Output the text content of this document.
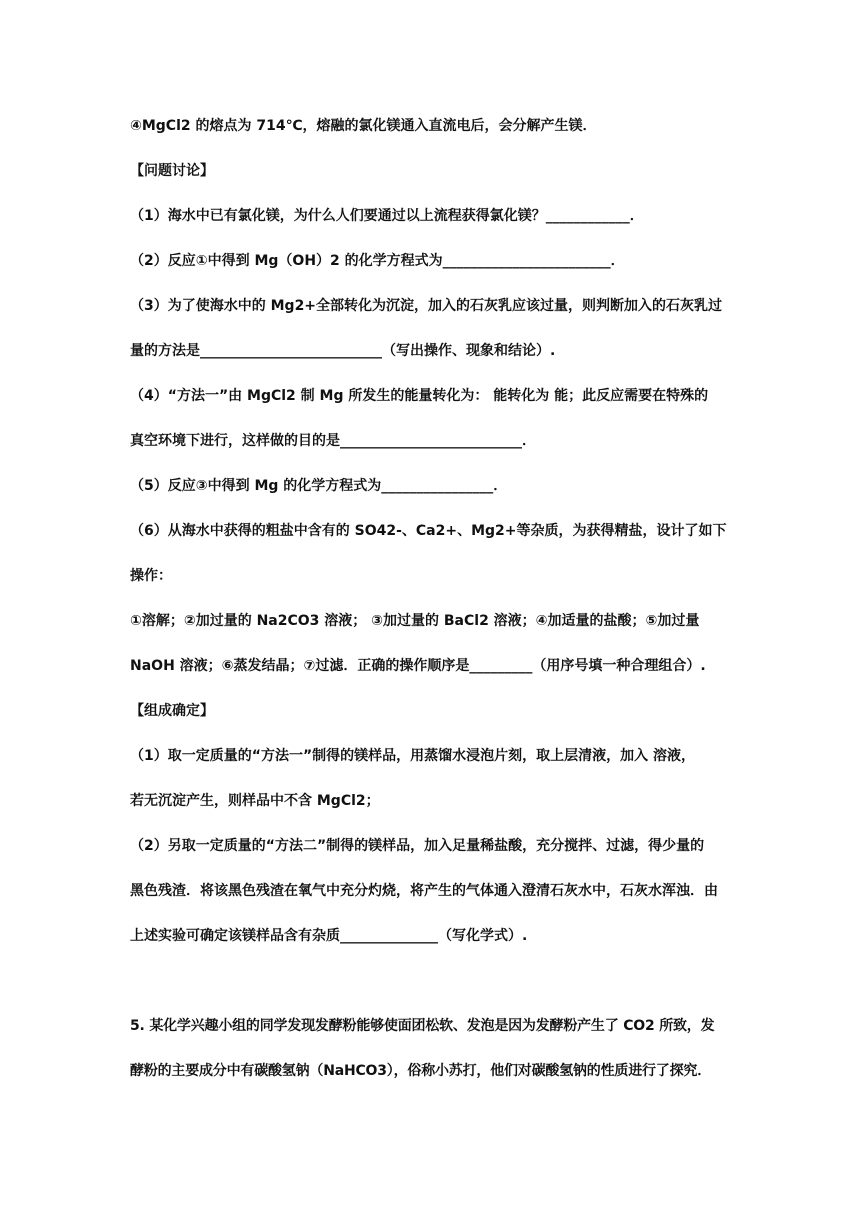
④MgCl2 的熔点为 714℃，熔融的氯化镁通入直流电后，会分解产生镁．
【问题讨论】
（1）海水中已有氯化镁，为什么人们要通过以上流程获得氯化镁？____________．
（2）反应①中得到 Mg（OH）2 的化学方程式为________________________．
（3）为了使海水中的 Mg2+全部转化为沉淀，加入的石灰乳应该过量，则判断加入的石灰乳过
量的方法是__________________________（写出操作、现象和结论）.
（4）“方法一”由 MgCl2 制 Mg 所发生的能量转化为： 能转化为 能；此反应需要在特殊的
真空环境下进行，这样做的目的是__________________________．
（5）反应③中得到 Mg 的化学方程式为________________．
（6）从海水中获得的粗盐中含有的 SO42-、Ca2+、Mg2+等杂质，为获得精盐，设计了如下
操作：
①溶解；②加过量的 Na2CO3 溶液； ③加过量的 BaCl2 溶液；④加适量的盐酸；⑤加过量
NaOH 溶液；⑥蒸发结晶；⑦过滤．正确的操作顺序是_________（用序号填一种合理组合）.
【组成确定】
（1）取一定质量的“方法一”制得的镁样品，用蒸馏水浸泡片刻，取上层清液，加入 溶液，
若无沉淀产生，则样品中不含 MgCl2；
（2）另取一定质量的“方法二”制得的镁样品，加入足量稀盐酸，充分搅拌、过滤，得少量的
黑色残渣．将该黑色残渣在氧气中充分灼烧，将产生的气体通入澄清石灰水中，石灰水浑浊．由
上述实验可确定该镁样品含有杂质______________（写化学式）.
5. 某化学兴趣小组的同学发现发酵粉能够使面团松软、发泡是因为发酵粉产生了 CO2 所致，发
酵粉的主要成分中有碳酸氢钠（NaHCO3），俗称小苏打，他们对碳酸氢钠的性质进行了探究．
